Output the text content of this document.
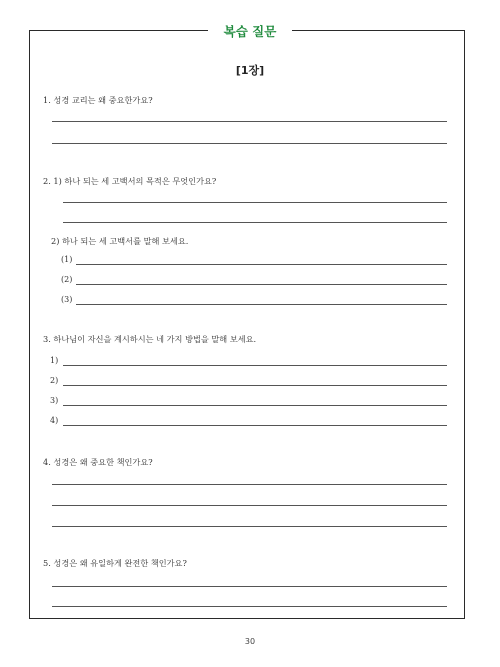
복습 질문
[1장]
1. 성경 교리는 왜 중요한가요?
2. 1) 하나 되는 세 고백서의 목적은 무엇인가요?
2) 하나 되는 세 고백서를 말해 보세요.
(1)
(2)
(3)
3. 하나님이 자신을 계시하시는 네 가지 방법을 말해 보세요.
1)
2)
3)
4)
4. 성경은 왜 중요한 책인가요?
5. 성경은 왜 유일하게 완전한 책인가요?
30
